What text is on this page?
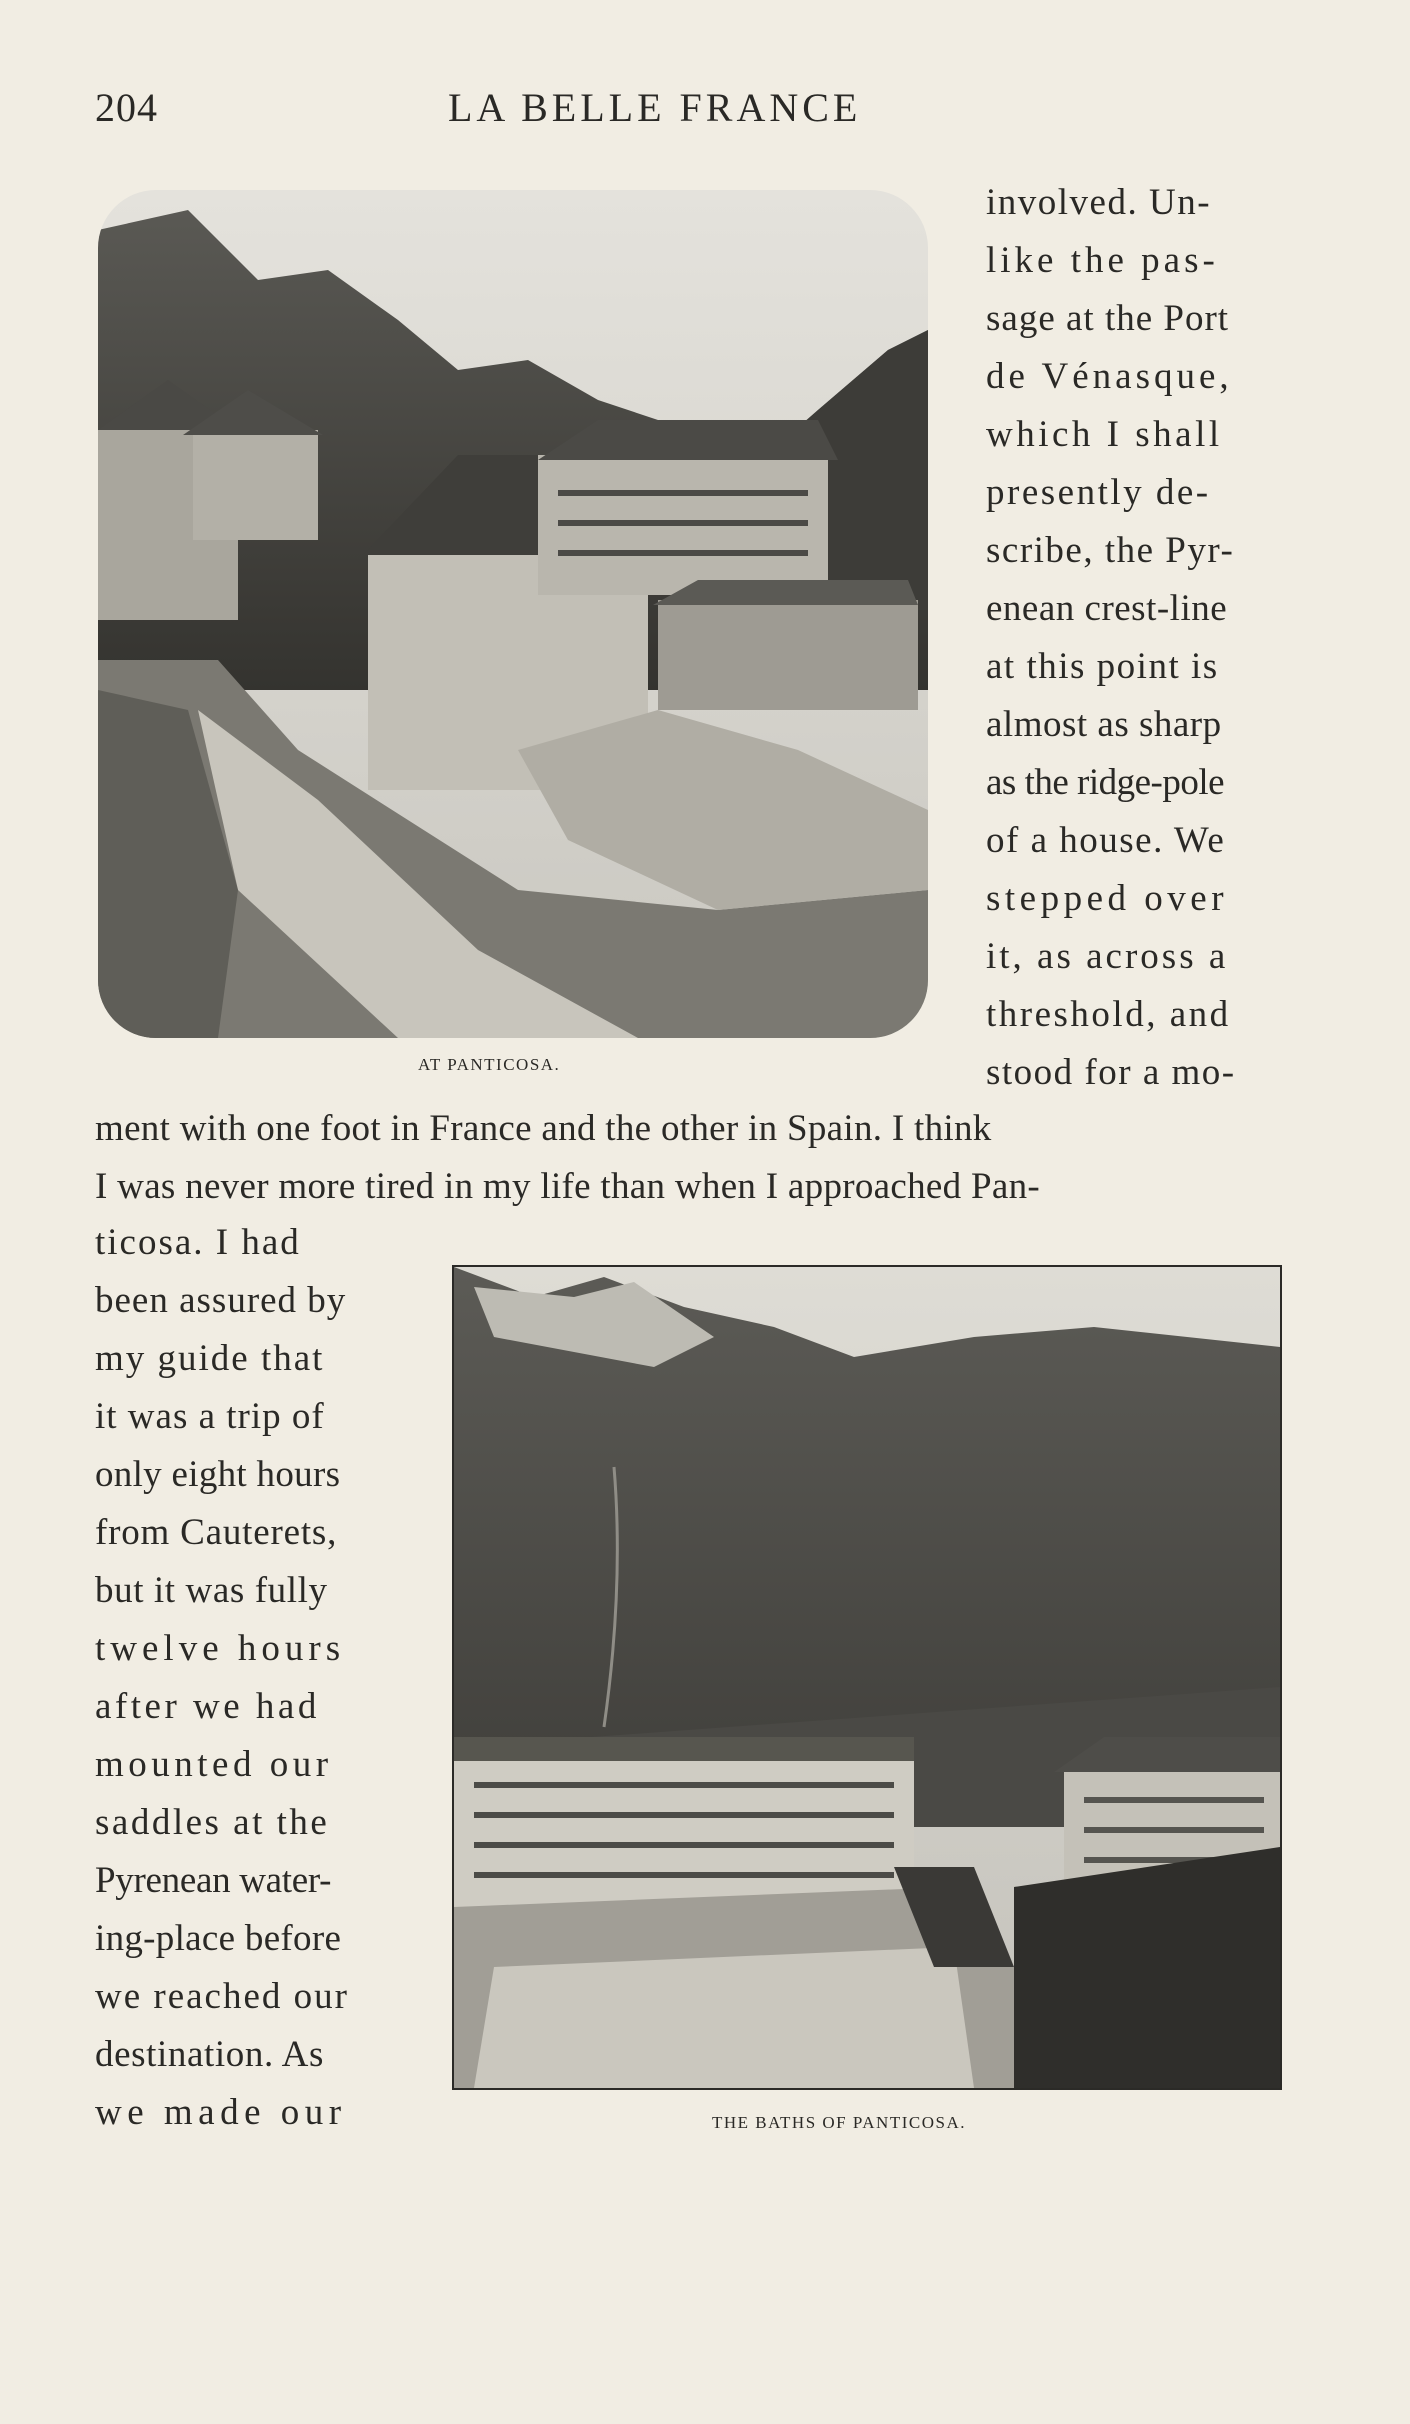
204	LA BELLE FRANCE
AT PANTICOSA.
THE BATHS OF PANTICOSA.
involved. Un-
like the pas-
sage at the Port
de Vénasque,
which I shall
presently de-
scribe, the Pyr-
enean crest-line
at this point is
almost as sharp
as the ridge-pole
of a house. We
stepped over
it, as across a
threshold, and
stood for a mo-
ment with one foot in France and the other in Spain. I think
I was never more tired in my life than when I approached Pan-
ticosa. I had
been assured by
my guide that
it was a trip of
only eight hours
from Cauterets,
but it was fully
twelve hours
after we had
mounted our
saddles at the
Pyrenean water-
ing-place before
we reached our
destination. As
we made our
